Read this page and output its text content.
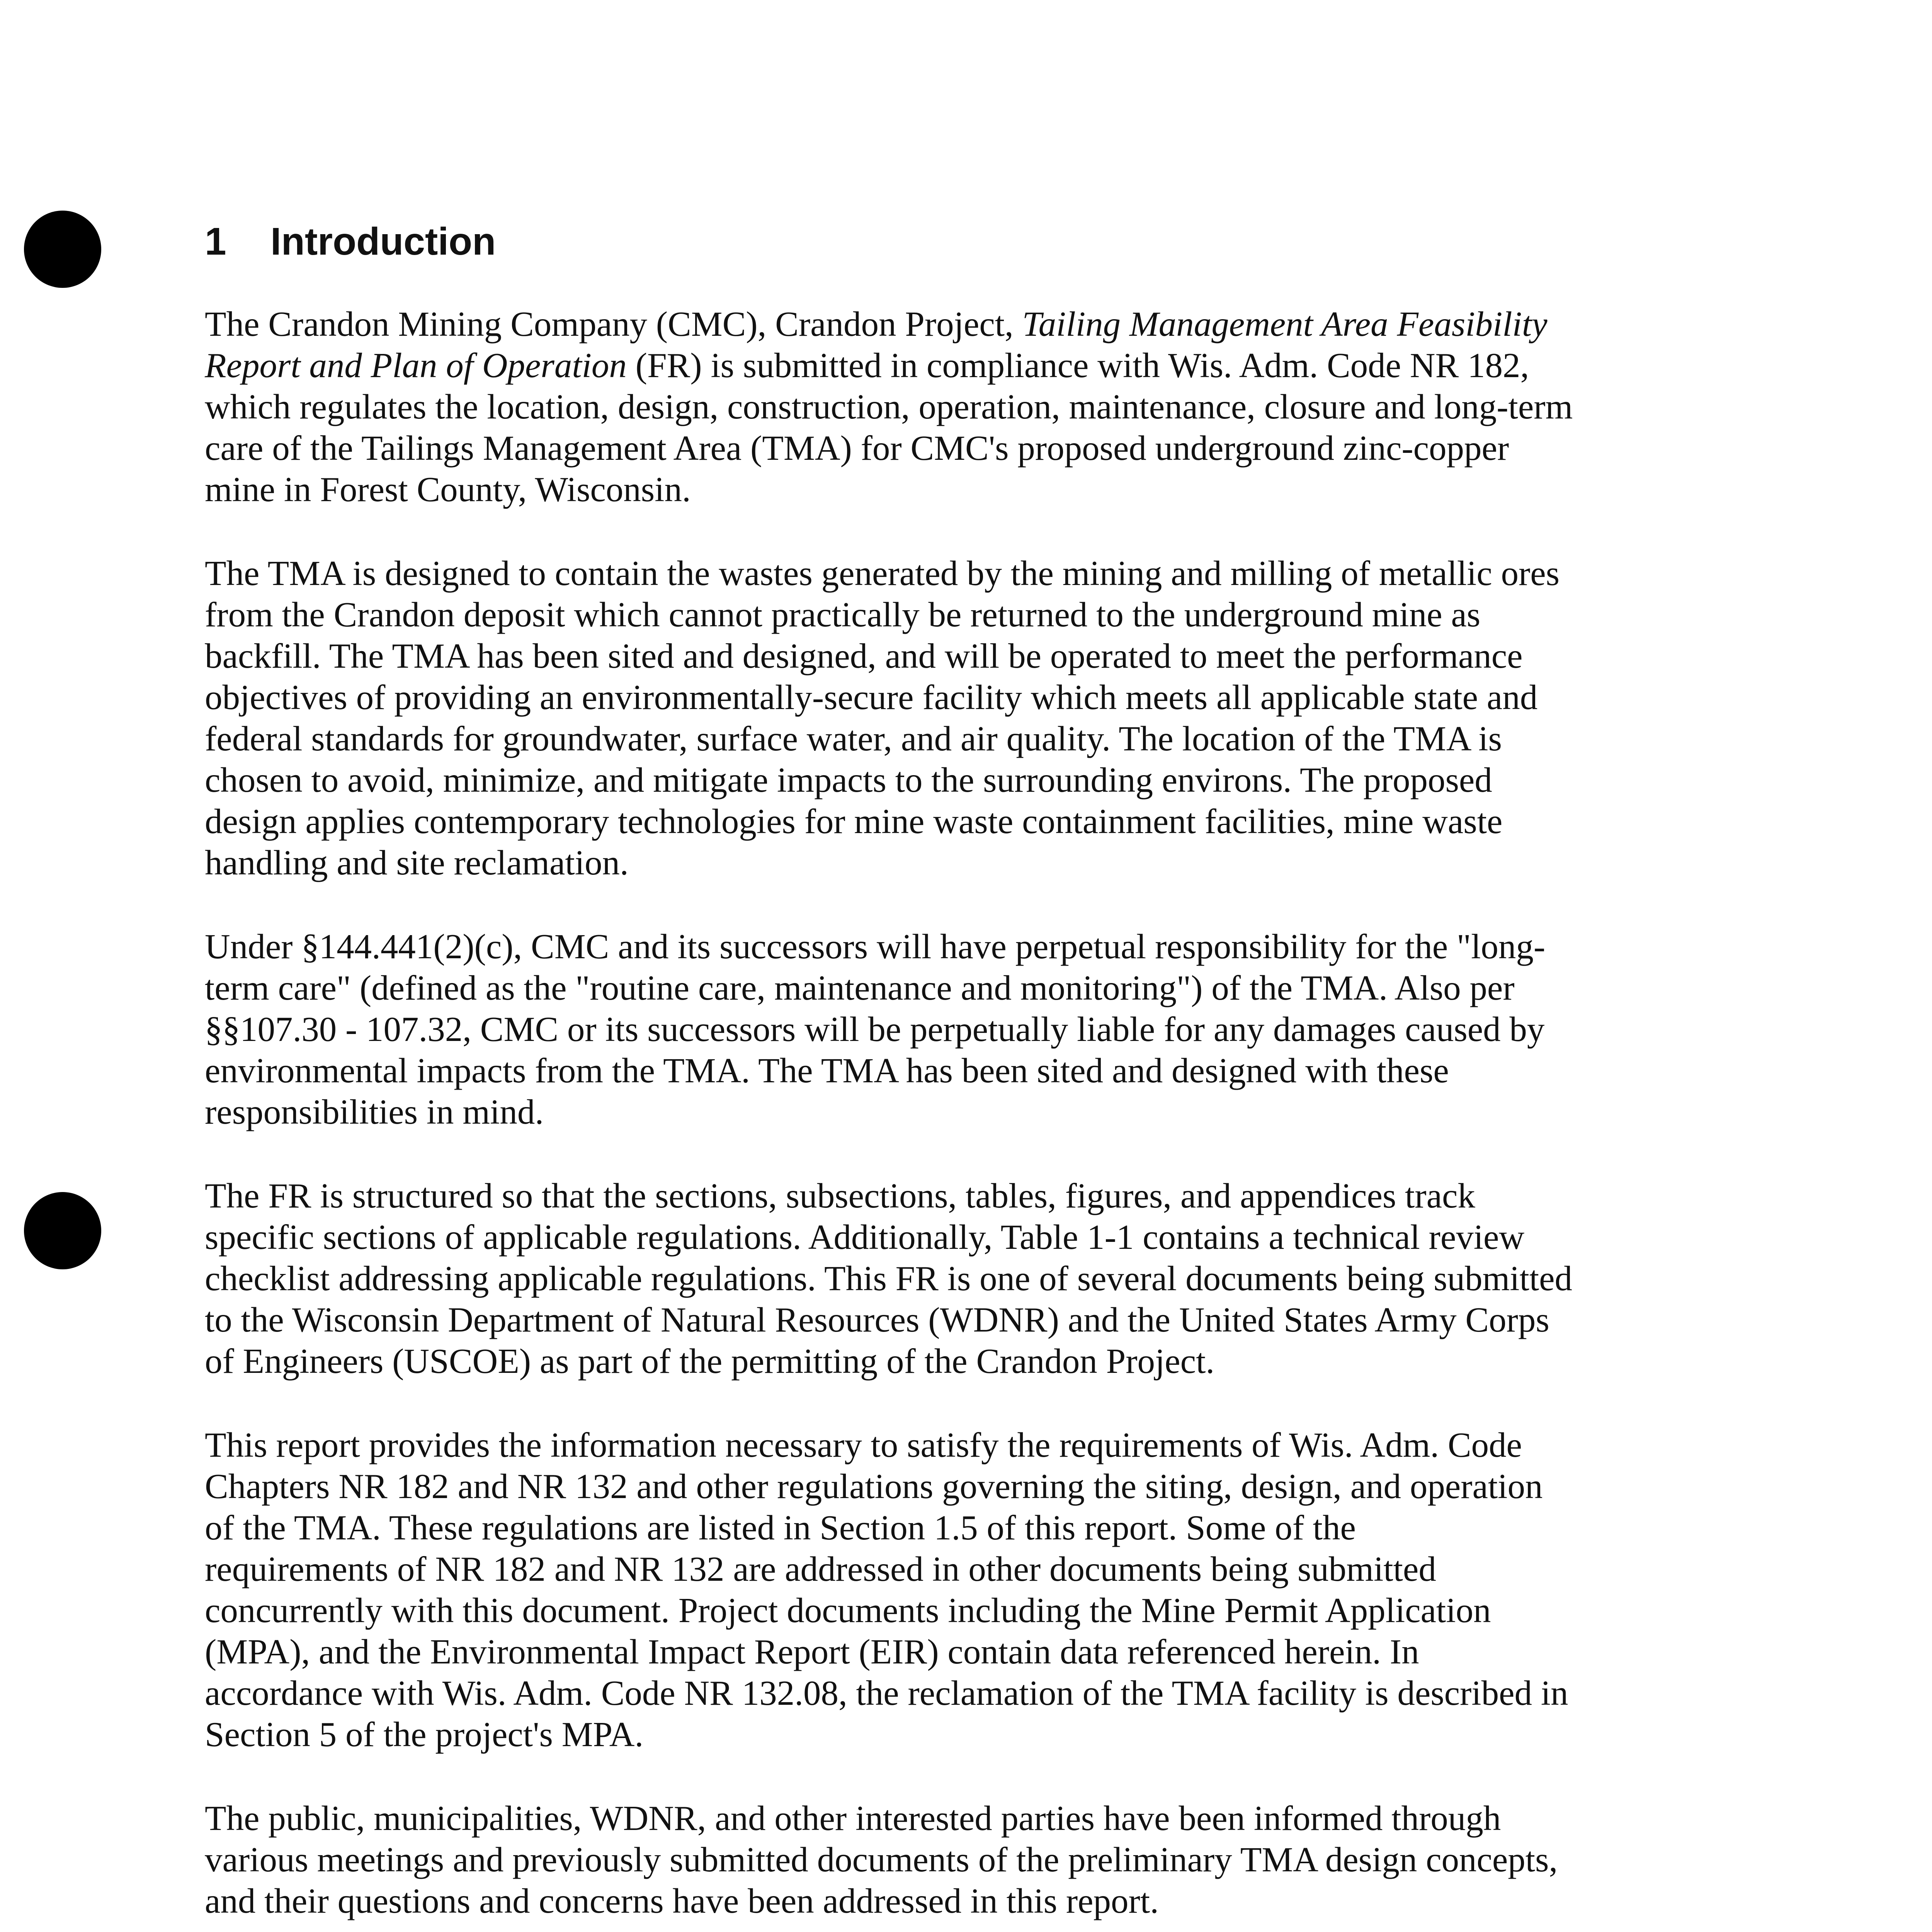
1 Introduction

The Crandon Mining Company (CMC), Crandon Project, Tailing Management Area Feasibility
Report and Plan of Operation (FR) is submitted in compliance with Wis. Adm. Code NR 182,
which regulates the location, design, construction, operation, maintenance, closure and long-term
care of the Tailings Management Area (TMA) for CMC's proposed underground zinc-copper
mine in Forest County, Wisconsin.

The TMA is designed to contain the wastes generated by the mining and milling of metallic ores
from the Crandon deposit which cannot practically be returned to the underground mine as
backfill. The TMA has been sited and designed, and will be operated to meet the performance
objectives of providing an environmentally-secure facility which meets all applicable state and
federal standards for groundwater, surface water, and air quality. The location of the TMA is
chosen to avoid, minimize, and mitigate impacts to the surrounding environs. The proposed
design applies contemporary technologies for mine waste containment facilities, mine waste
handling and site reclamation.

Under §144.441(2)(c), CMC and its successors will have perpetual responsibility for the "long-
term care" (defined as the "routine care, maintenance and monitoring") of the TMA. Also per
§§107.30 - 107.32, CMC or its successors will be perpetually liable for any damages caused by
environmental impacts from the TMA. The TMA has been sited and designed with these
responsibilities in mind.

The FR is structured so that the sections, subsections, tables, figures, and appendices track
specific sections of applicable regulations. Additionally, Table 1-1 contains a technical review
checklist addressing applicable regulations. This FR is one of several documents being submitted
to the Wisconsin Department of Natural Resources (WDNR) and the United States Army Corps
of Engineers (USCOE) as part of the permitting of the Crandon Project.

This report provides the information necessary to satisfy the requirements of Wis. Adm. Code
Chapters NR 182 and NR 132 and other regulations governing the siting, design, and operation
of the TMA. These regulations are listed in Section 1.5 of this report. Some of the
requirements of NR 182 and NR 132 are addressed in other documents being submitted
concurrently with this document. Project documents including the Mine Permit Application
(MPA), and the Environmental Impact Report (EIR) contain data referenced herein. In
accordance with Wis. Adm. Code NR 132.08, the reclamation of the TMA facility is described in
Section 5 of the project's MPA.

The public, municipalities, WDNR, and other interested parties have been informed through
various meetings and previously submitted documents of the preliminary TMA design concepts,
and their questions and concerns have been addressed in this report.
